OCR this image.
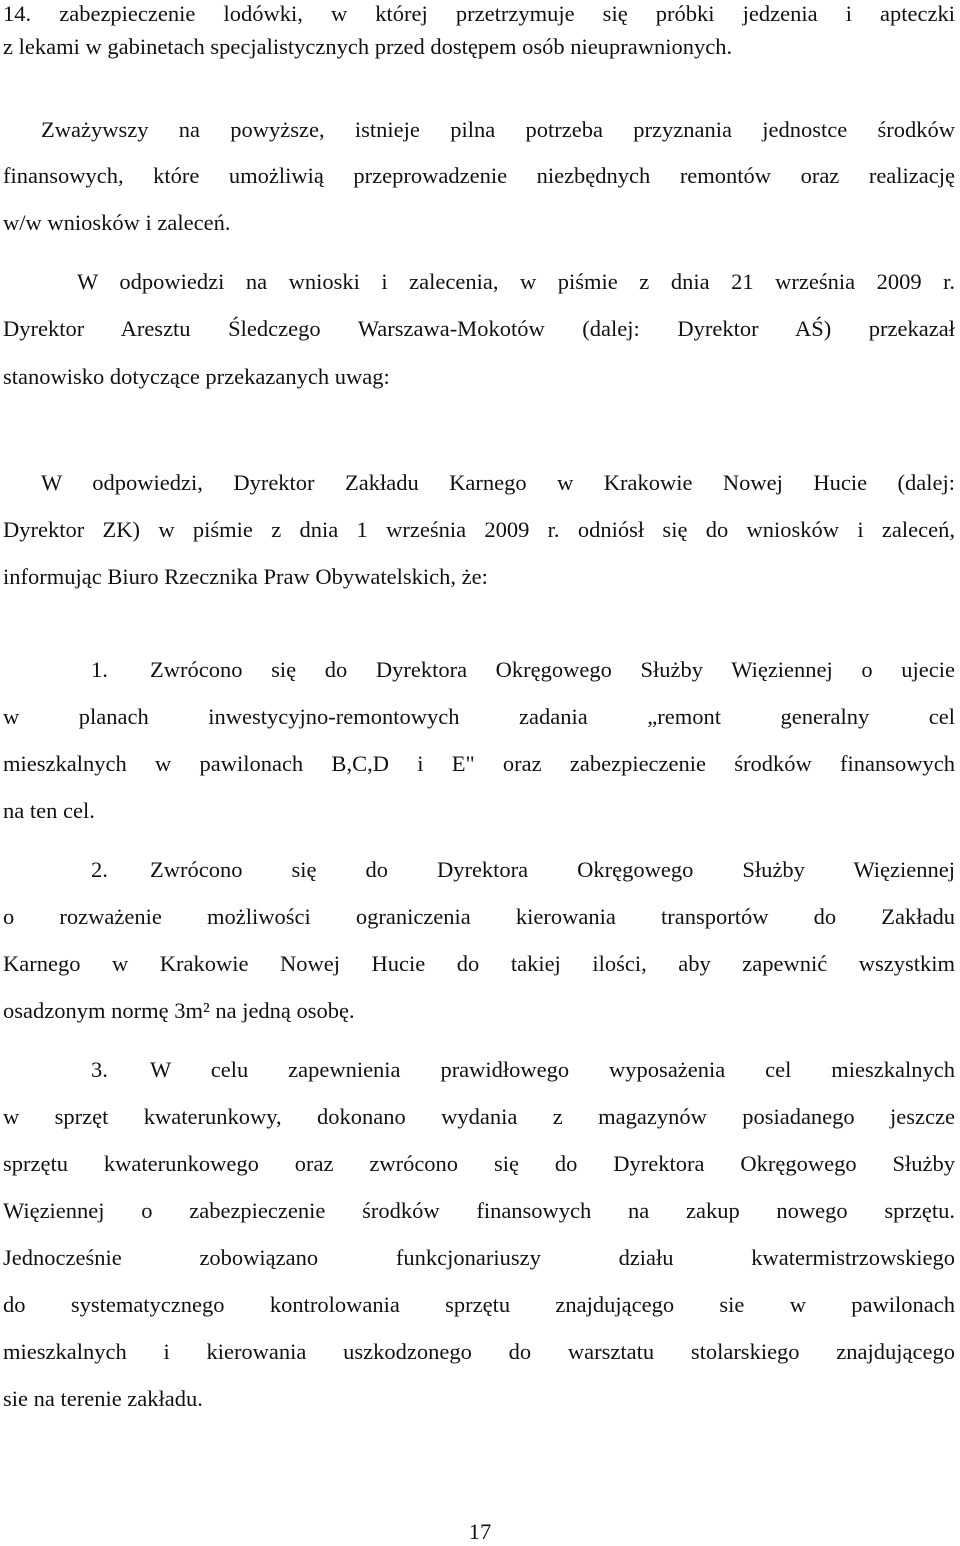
14. zabezpieczenie lodówki, w której przetrzymuje się próbki jedzenia i apteczki
z lekami w gabinetach specjalistycznych przed dostępem osób nieuprawnionych.
Zważywszy na powyższe, istnieje pilna potrzeba przyznania jednostce środków
finansowych, które umożliwią przeprowadzenie niezbędnych remontów oraz realizację
w/w wniosków i zaleceń.
W odpowiedzi na wnioski i zalecenia, w piśmie z dnia 21 września 2009 r.
Dyrektor Aresztu Śledczego Warszawa-Mokotów (dalej: Dyrektor AŚ) przekazał
stanowisko dotyczące przekazanych uwag:
W odpowiedzi, Dyrektor Zakładu Karnego w Krakowie Nowej Hucie (dalej:
Dyrektor ZK) w piśmie z dnia 1 września 2009 r. odniósł się do wniosków i zaleceń,
informując Biuro Rzecznika Praw Obywatelskich, że:
1. Zwrócono się do Dyrektora Okręgowego Służby Więziennej o ujecie
w planach inwestycyjno-remontowych zadania „remont generalny cel
mieszkalnych w pawilonach B,C,D i E" oraz zabezpieczenie środków finansowych
na ten cel.
2. Zwrócono się do Dyrektora Okręgowego Służby Więziennej
o rozważenie możliwości ograniczenia kierowania transportów do Zakładu
Karnego w Krakowie Nowej Hucie do takiej ilości, aby zapewnić wszystkim
osadzonym normę 3m² na jedną osobę.
3. W celu zapewnienia prawidłowego wyposażenia cel mieszkalnych
w sprzęt kwaterunkowy, dokonano wydania z magazynów posiadanego jeszcze
sprzętu kwaterunkowego oraz zwrócono się do Dyrektora Okręgowego Służby
Więziennej o zabezpieczenie środków finansowych na zakup nowego sprzętu.
Jednocześnie zobowiązano funkcjonariuszy działu kwatermistrzowskiego
do systematycznego kontrolowania sprzętu znajdującego sie w pawilonach
mieszkalnych i kierowania uszkodzonego do warsztatu stolarskiego znajdującego
sie na terenie zakładu.
17
